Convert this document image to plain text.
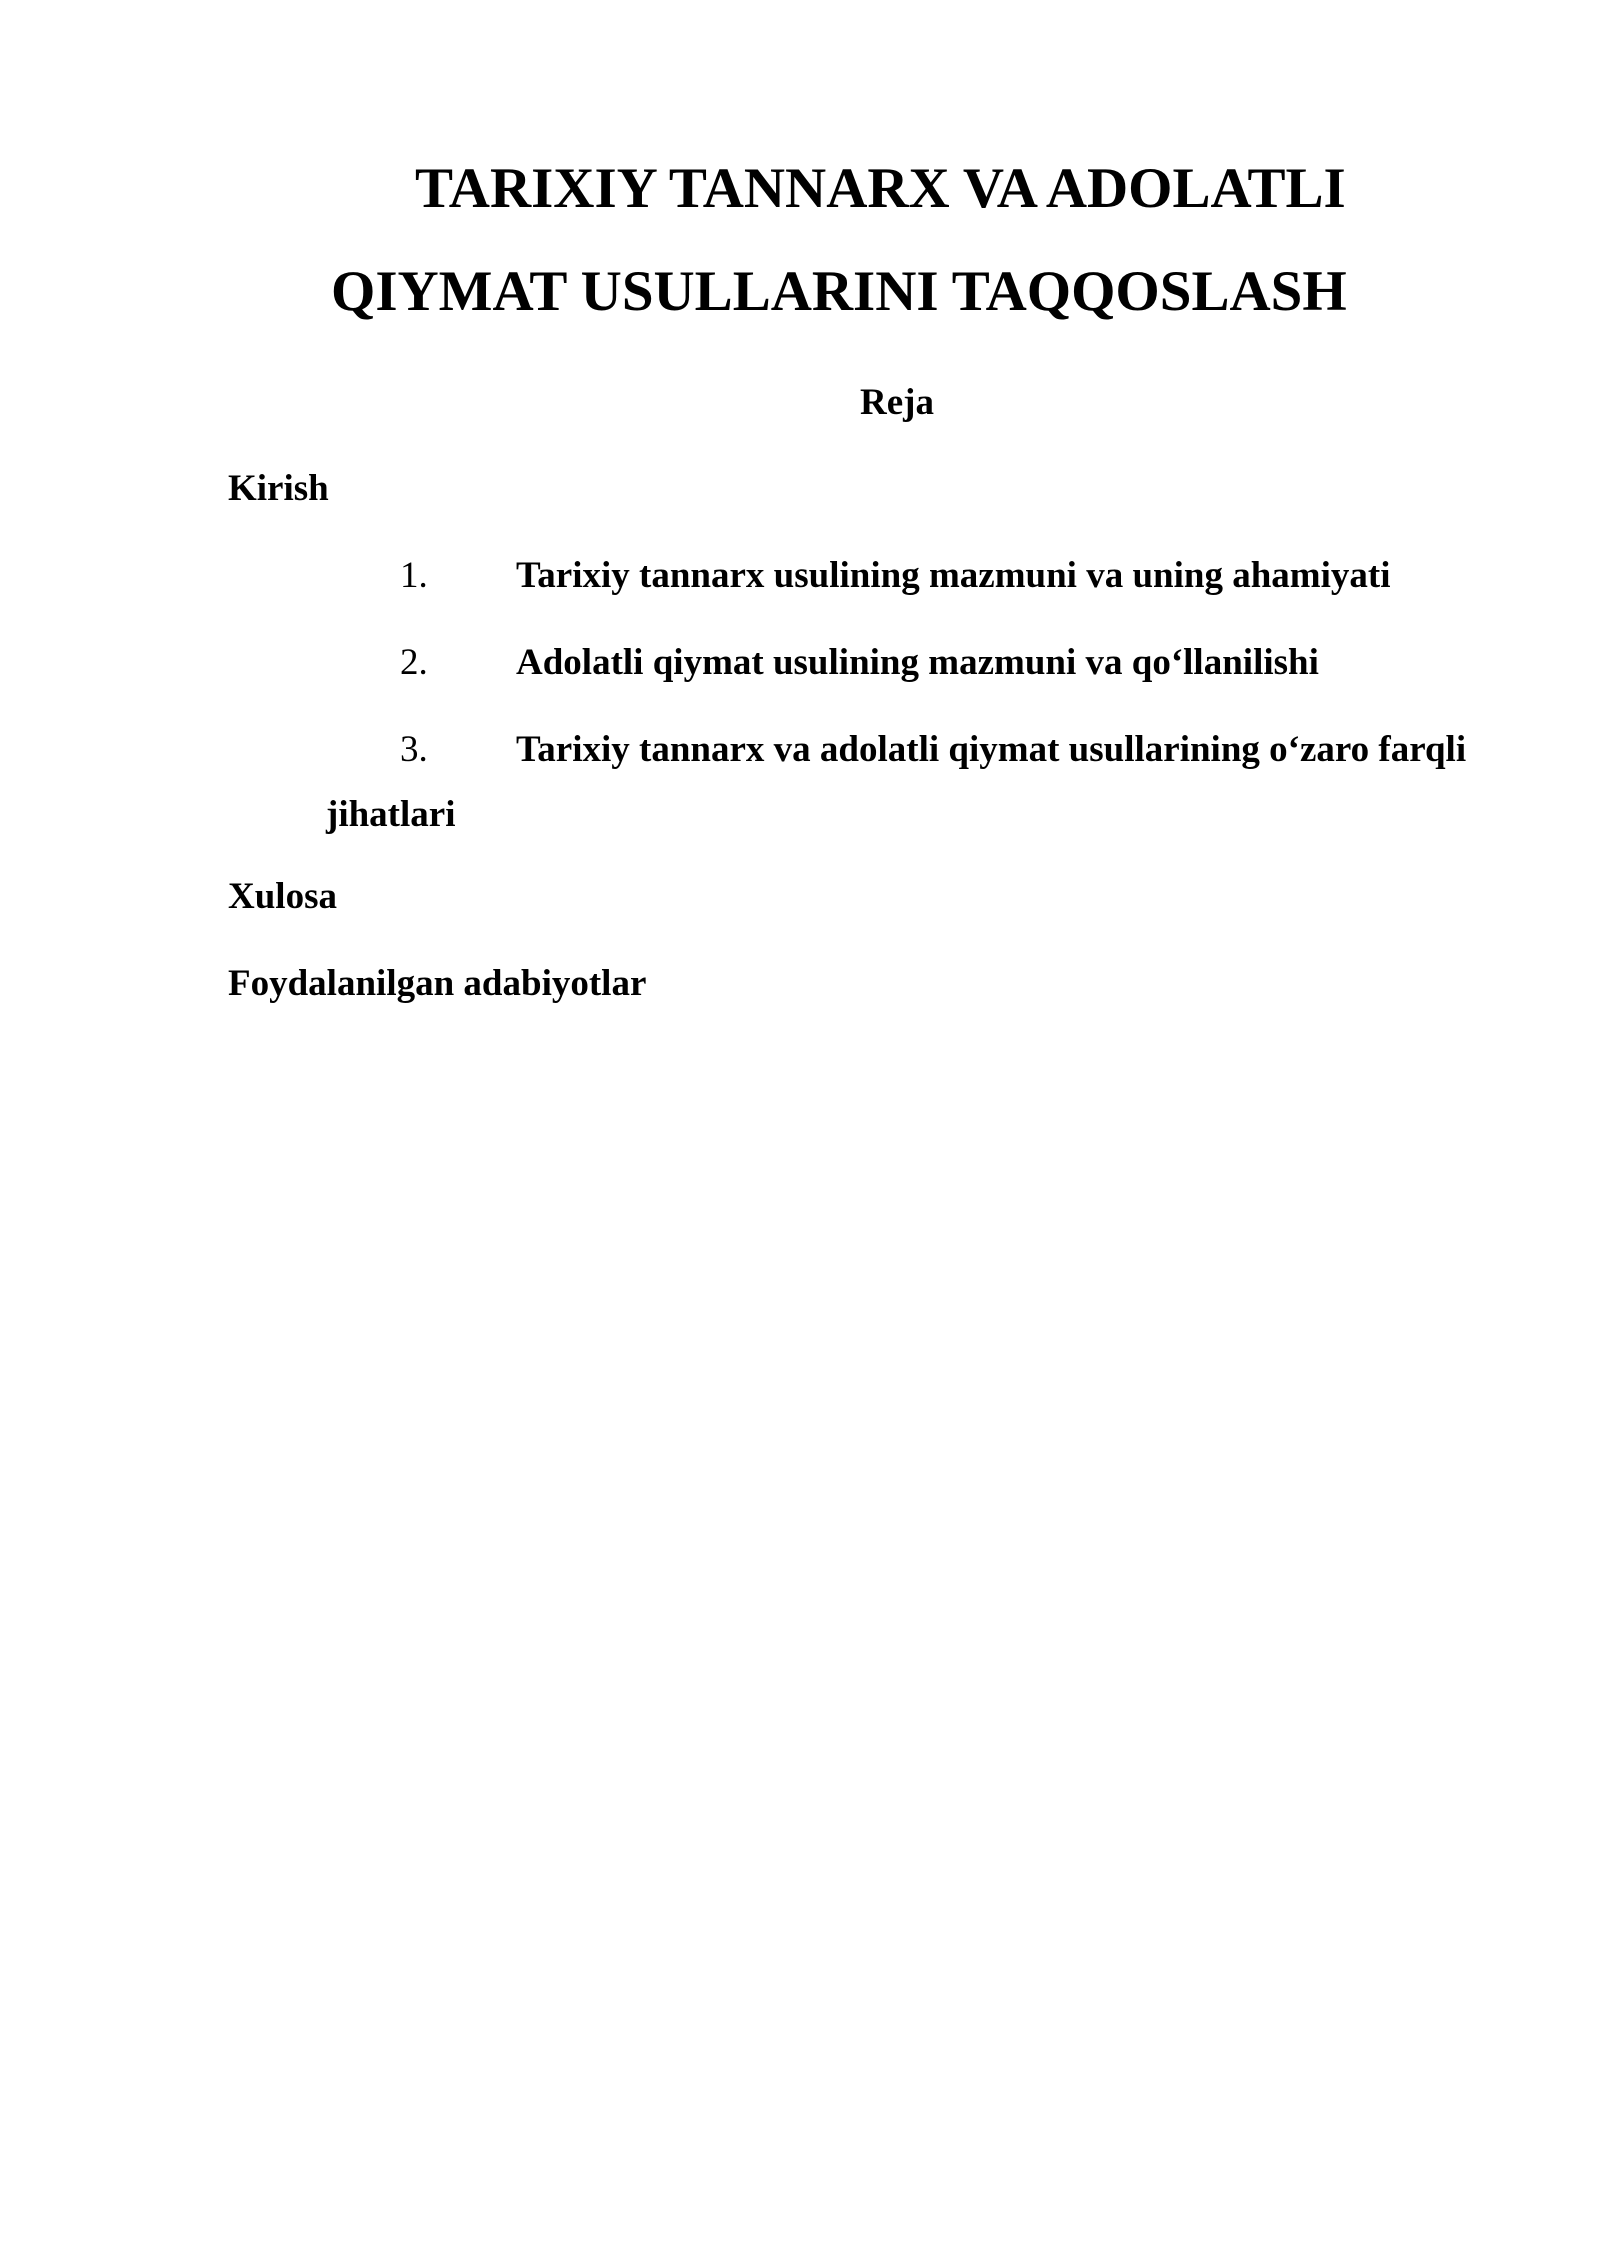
TARIXIY TANNARX VA ADOLATLI
QIYMAT USULLARINI TAQQOSLASH
Reja
Kirish
1. Tarixiy tannarx usulining mazmuni va uning ahamiyati
2. Adolatli qiymat usulining mazmuni va qo‘llanilishi
3. Tarixiy tannarx va adolatli qiymat usullarining o‘zaro farqli
jihatlari
Xulosa
Foydalanilgan adabiyotlar
